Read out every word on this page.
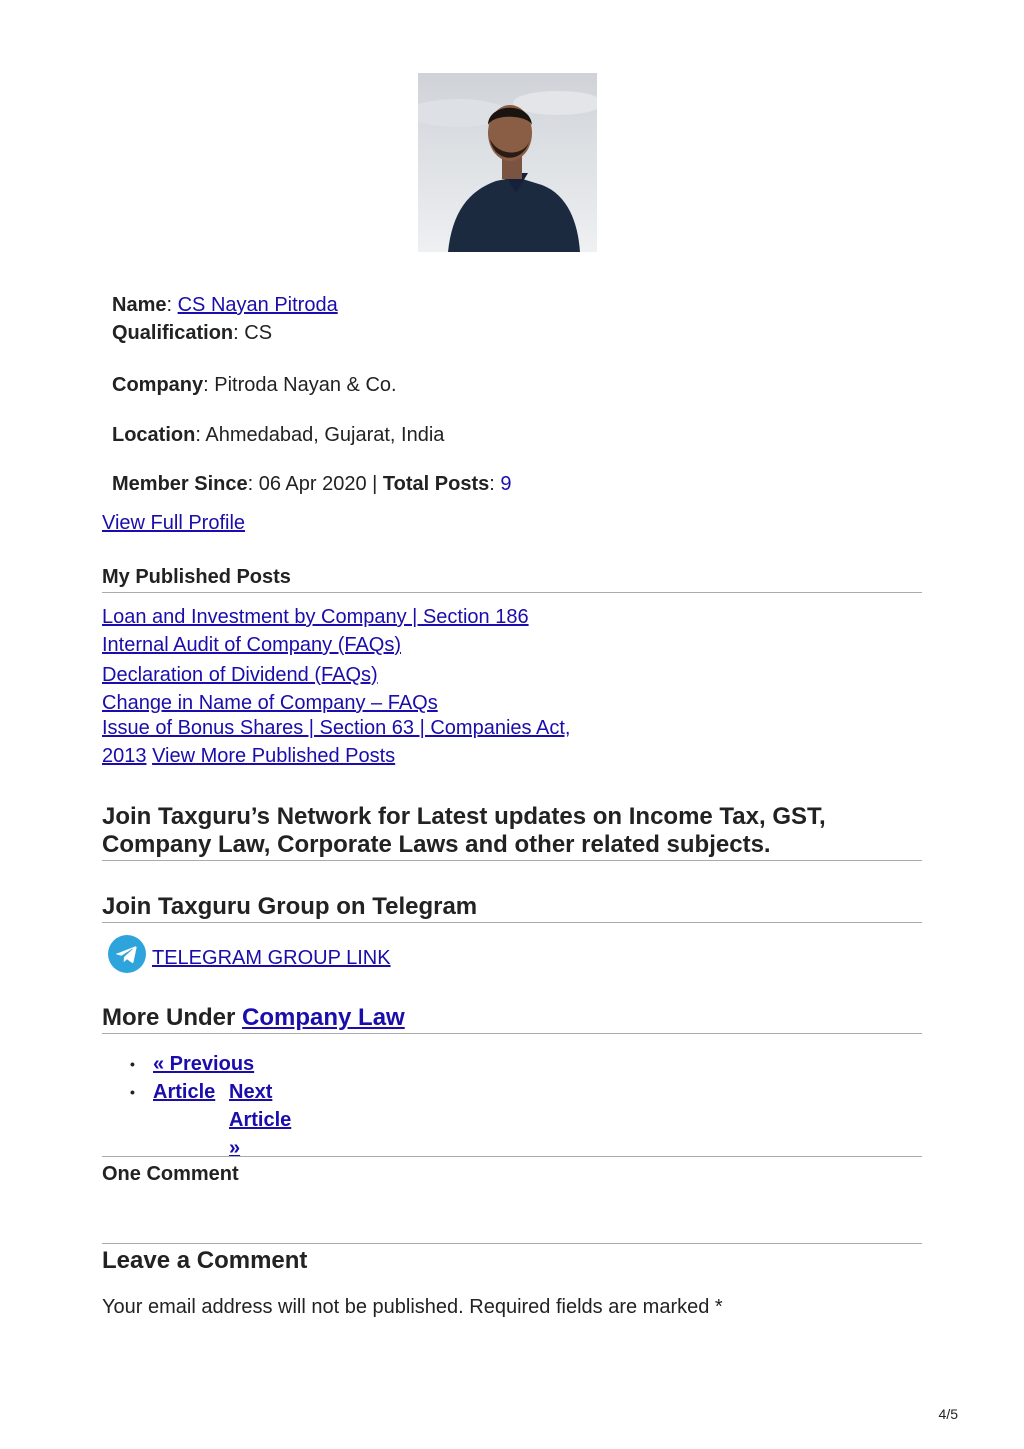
Name: CS Nayan Pitroda
Qualification: CS
Company: Pitroda Nayan & Co.
Location: Ahmedabad, Gujarat, India
Member Since: 06 Apr 2020 | Total Posts: 9
View Full Profile
My Published Posts
Loan and Investment by Company | Section 186
Internal Audit of Company (FAQs)
Declaration of Dividend (FAQs)
Change in Name of Company – FAQs
Issue of Bonus Shares | Section 63 | Companies Act, 2013 View More Published Posts
Join Taxguru’s Network for Latest updates on Income Tax, GST, Company Law, Corporate Laws and other related subjects.
Join Taxguru Group on Telegram
TELEGRAM GROUP LINK
More Under Company Law
• « Previous Article
•	Next Article »
One Comment
Leave a Comment
Your email address will not be published. Required fields are marked *
4/5
